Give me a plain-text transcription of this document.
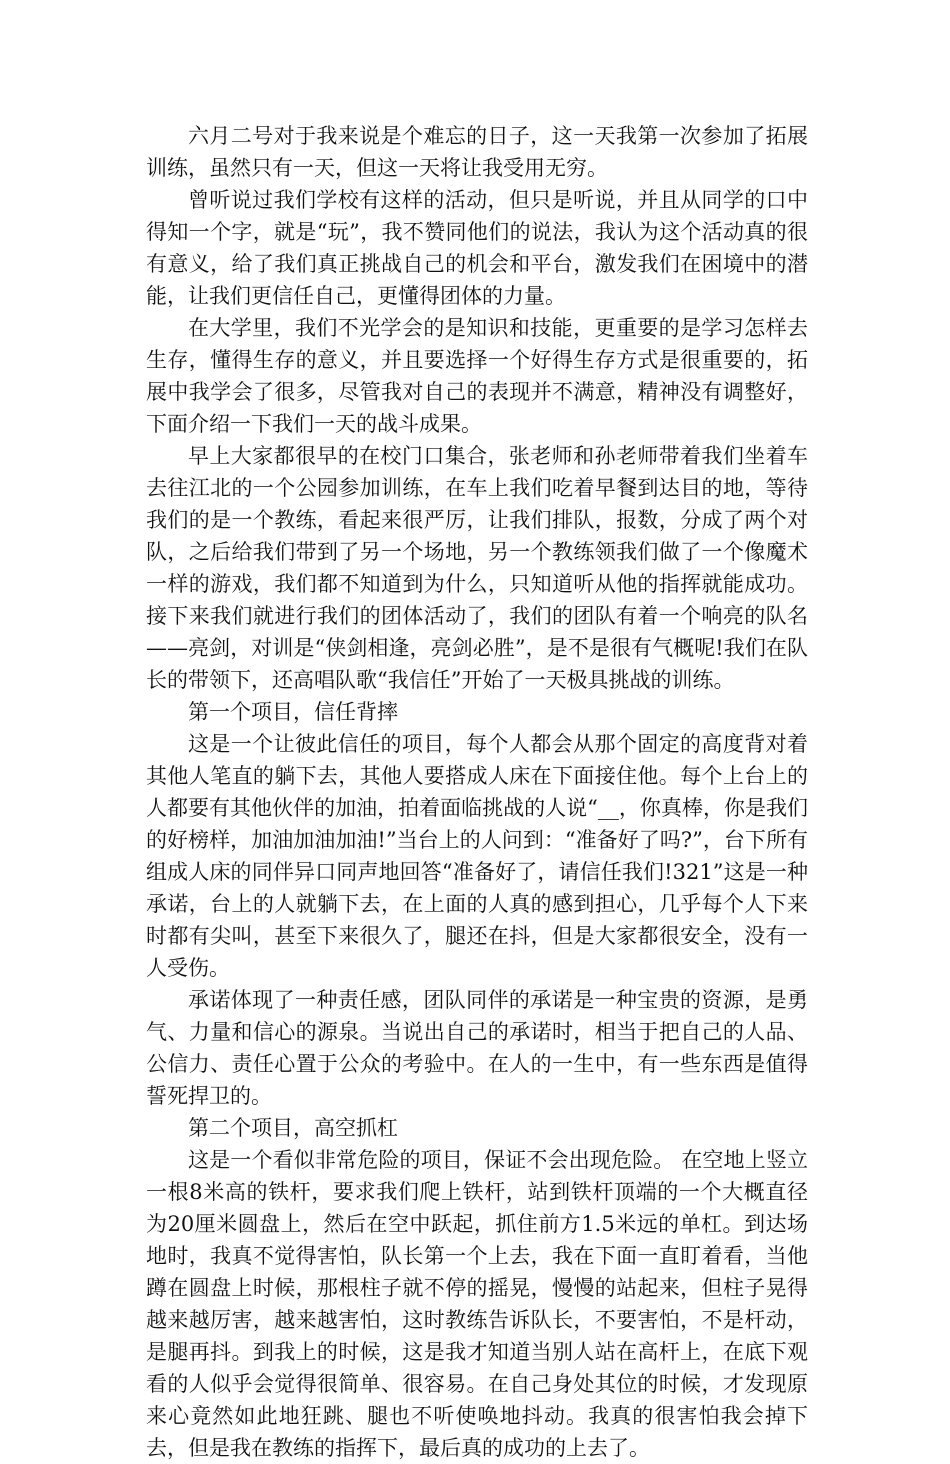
六月二号对于我来说是个难忘的日子，这一天我第一次参加了拓展训练，虽然只有一天，但这一天将让我受用无穷。

曾听说过我们学校有这样的活动，但只是听说，并且从同学的口中得知一个字，就是“玩”，我不赞同他们的说法，我认为这个活动真的很有意义，给了我们真正挑战自己的机会和平台，激发我们在困境中的潜能，让我们更信任自己，更懂得团体的力量。

在大学里，我们不光学会的是知识和技能，更重要的是学习怎样去生存，懂得生存的意义，并且要选择一个好得生存方式是很重要的，拓展中我学会了很多，尽管我对自己的表现并不满意，精神没有调整好，下面介绍一下我们一天的战斗成果。

早上大家都很早的在校门口集合，张老师和孙老师带着我们坐着车去往江北的一个公园参加训练，在车上我们吃着早餐到达目的地，等待我们的是一个教练，看起来很严厉，让我们排队，报数，分成了两个对队，之后给我们带到了另一个场地，另一个教练领我们做了一个像魔术一样的游戏，我们都不知道到为什么，只知道听从他的指挥就能成功。接下来我们就进行我们的团体活动了，我们的团队有着一个响亮的队名——亮剑，对训是“侠剑相逢，亮剑必胜”，是不是很有气概呢!我们在队长的带领下，还高唱队歌“我信任”开始了一天极具挑战的训练。

第一个项目，信任背摔

这是一个让彼此信任的项目，每个人都会从那个固定的高度背对着其他人笔直的躺下去，其他人要搭成人床在下面接住他。每个上台上的人都要有其他伙伴的加油，拍着面临挑战的人说“__，你真棒，你是我们的好榜样，加油加油加油!”当台上的人问到：“准备好了吗?”，台下所有组成人床的同伴异口同声地回答“准备好了，请信任我们!321”这是一种承诺，台上的人就躺下去，在上面的人真的感到担心，几乎每个人下来时都有尖叫，甚至下来很久了，腿还在抖，但是大家都很安全，没有一人受伤。

承诺体现了一种责任感，团队同伴的承诺是一种宝贵的资源，是勇气、力量和信心的源泉。当说出自己的承诺时，相当于把自己的人品、公信力、责任心置于公众的考验中。在人的一生中，有一些东西是值得誓死捍卫的。

第二个项目，高空抓杠

这是一个看似非常危险的项目，保证不会出现危险。 在空地上竖立一根8米高的铁杆，要求我们爬上铁杆，站到铁杆顶端的一个大概直径为20厘米圆盘上，然后在空中跃起，抓住前方1.5米远的单杠。到达场地时，我真不觉得害怕，队长第一个上去，我在下面一直盯着看，当他蹲在圆盘上时候，那根柱子就不停的摇晃，慢慢的站起来，但柱子晃得越来越厉害，越来越害怕，这时教练告诉队长，不要害怕，不是杆动，是腿再抖。到我上的时候，这是我才知道当别人站在高杆上，在底下观看的人似乎会觉得很简单、很容易。在自己身处其位的时候，才发现原来心竟然如此地狂跳、腿也不听使唤地抖动。我真的很害怕我会掉下去，但是我在教练的指挥下，最后真的成功的上去了。
